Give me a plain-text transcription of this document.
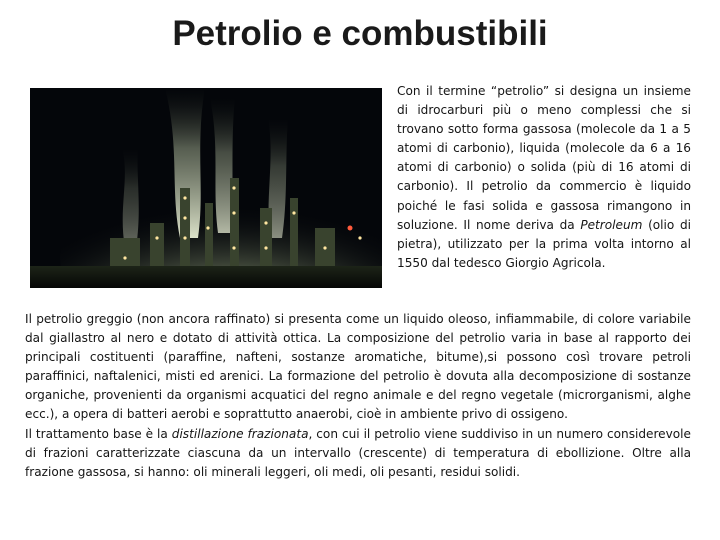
Petrolio e combustibili
Con il termine “petrolio” si designa un insieme di idrocarburi più o meno complessi che si trovano sotto forma gassosa (molecole da 1 a 5 atomi di carbonio), liquida (molecole da 6 a 16 atomi di carbonio) o solida (più di 16 atomi di carbonio). Il petrolio da commercio è liquido poiché le fasi solida e gassosa rimangono in soluzione. Il nome deriva da Petroleum (olio di pietra), utilizzato per la prima volta intorno al 1550 dal tedesco Giorgio Agricola.

Il petrolio greggio (non ancora raffinato) si presenta come un liquido oleoso, infiammabile, di colore variabile dal giallastro al nero e dotato di attività ottica. La composizione del petrolio varia in base al rapporto dei principali costituenti (paraffine, nafteni, sostanze aromatiche, bitume),si possono così trovare petroli paraffinici, naftalenici, misti ed arenici. La formazione del petrolio è dovuta alla decomposizione di sostanze organiche, provenienti da organismi acquatici del regno animale e del regno vegetale (microrganismi, alghe ecc.), a opera di batteri aerobi e soprattutto anaerobi, cioè in ambiente privo di ossigeno.

Il trattamento base è la distillazione frazionata, con cui il petrolio viene suddiviso in un numero considerevole di frazioni caratterizzate ciascuna da un intervallo (crescente) di temperatura di ebollizione. Oltre alla frazione gassosa, si hanno: oli minerali leggeri, oli medi, oli pesanti, residui solidi.
